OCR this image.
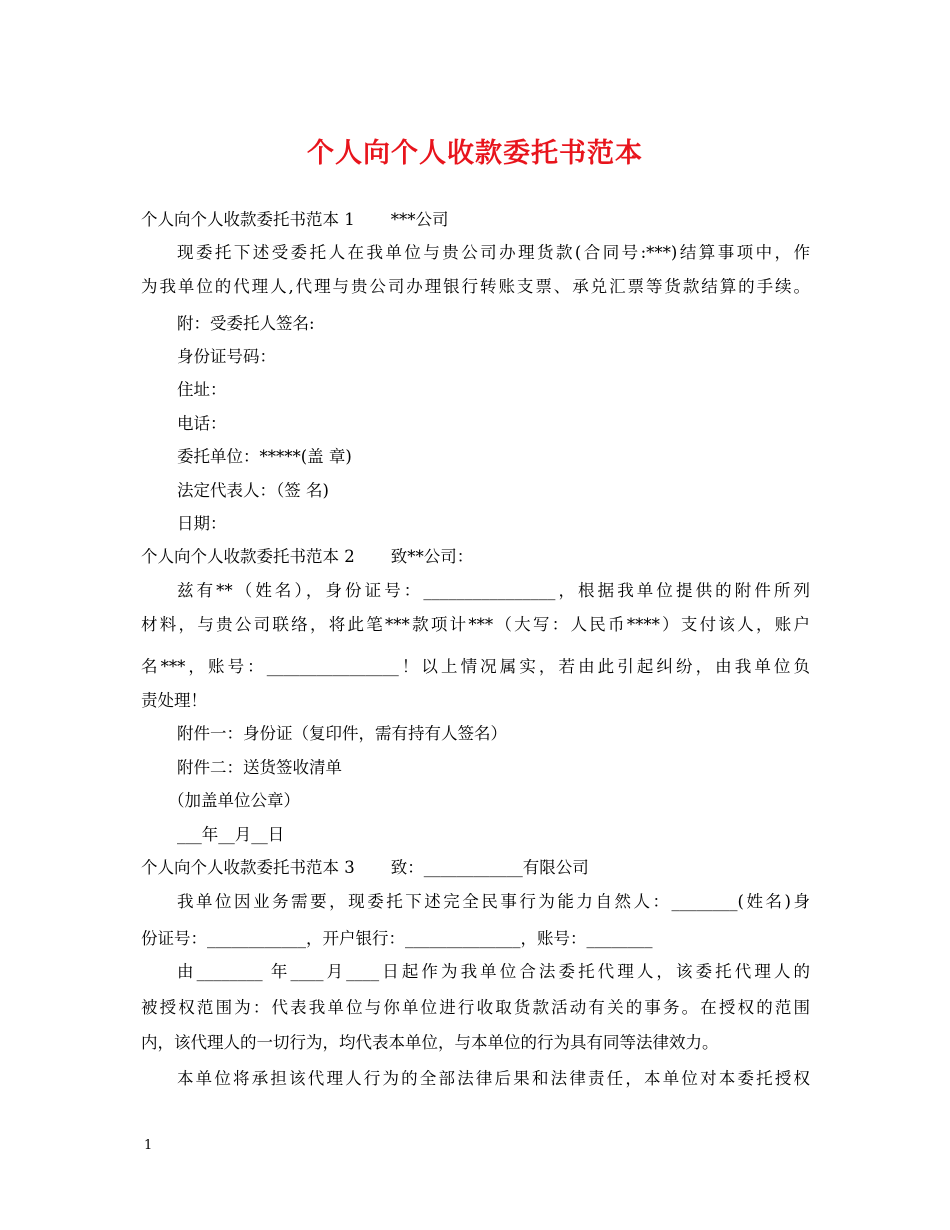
个人向个人收款委托书范本
个人向个人收款委托书范本 1 ***公司

现委托下述受委托人在我单位与贵公司办理货款(合同号:***)结算事项中，作

为我单位的代理人,代理与贵公司办理银行转账支票、承兑汇票等货款结算的手续。

附：受委托人签名:

身份证号码：

住址：

电话：

委托单位：*****(盖 章)

法定代表人：（签 名)

日期：

个人向个人收款委托书范本 2 致**公司：

兹有**（姓名），身份证号：________________，根据我单位提供的附件所列

材料，与贵公司联络，将此笔***款项计***（大写：人民币****）支付该人，账户

名***，账号：________________！以上情况属实，若由此引起纠纷，由我单位负

责处理！

附件一：身份证（复印件，需有持有人签名）

附件二：送货签收清单

（加盖单位公章）

___年__月__日

个人向个人收款委托书范本 3 致：____________有限公司

我单位因业务需要，现委托下述完全民事行为能力自然人：________(姓名)身

份证号：____________，开户银行：______________，账号：________

由________ 年____月____日起作为我单位合法委托代理人，该委托代理人的

被授权范围为：代表我单位与你单位进行收取货款活动有关的事务。在授权的范围

内，该代理人的一切行为，均代表本单位，与本单位的行为具有同等法律效力。

本单位将承担该代理人行为的全部法律后果和法律责任，本单位对本委托授权

1
